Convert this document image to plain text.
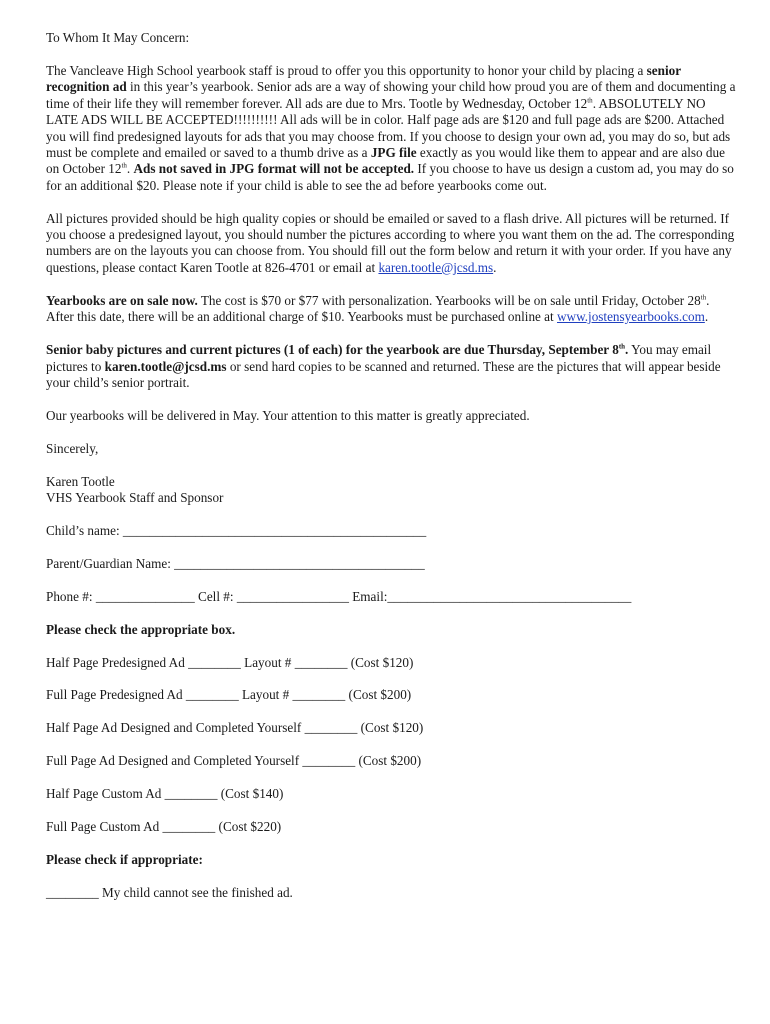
To Whom It May Concern:

The Vancleave High School yearbook staff is proud to offer you this opportunity to honor your child by placing a senior recognition ad in this year’s yearbook. Senior ads are a way of showing your child how proud you are of them and documenting a time of their life they will remember forever. All ads are due to Mrs. Tootle by Wednesday, October 12th. ABSOLUTELY NO LATE ADS WILL BE ACCEPTED!!!!!!!!!! All ads will be in color. Half page ads are $120 and full page ads are $200. Attached you will find predesigned layouts for ads that you may choose from. If you choose to design your own ad, you may do so, but ads must be complete and emailed or saved to a thumb drive as a JPG file exactly as you would like them to appear and are also due on October 12th. Ads not saved in JPG format will not be accepted. If you choose to have us design a custom ad, you may do so for an additional $20. Please note if your child is able to see the ad before yearbooks come out.

All pictures provided should be high quality copies or should be emailed or saved to a flash drive. All pictures will be returned. If you choose a predesigned layout, you should number the pictures according to where you want them on the ad. The corresponding numbers are on the layouts you can choose from. You should fill out the form below and return it with your order. If you have any questions, please contact Karen Tootle at 826-4701 or email at karen.tootle@jcsd.ms.

Yearbooks are on sale now. The cost is $70 or $77 with personalization. Yearbooks will be on sale until Friday, October 28th. After this date, there will be an additional charge of $10. Yearbooks must be purchased online at www.jostensyearbooks.com.

Senior baby pictures and current pictures (1 of each) for the yearbook are due Thursday, September 8th. You may email pictures to karen.tootle@jcsd.ms or send hard copies to be scanned and returned. These are the pictures that will appear beside your child’s senior portrait.

Our yearbooks will be delivered in May. Your attention to this matter is greatly appreciated.

Sincerely,

Karen Tootle

VHS Yearbook Staff and Sponsor

Child’s name: ______________________________________________
Parent/Guardian Name: ______________________________________
Phone #: _______________ Cell #: _________________ Email:_____________________________________
Please check the appropriate box.
Half Page Predesigned Ad ________ Layout # ________ (Cost $120)
Full Page Predesigned Ad ________ Layout # ________ (Cost $200)
Half Page Ad Designed and Completed Yourself ________ (Cost $120)
Full Page Ad Designed and Completed Yourself ________ (Cost $200)
Half Page Custom Ad ________ (Cost $140)
Full Page Custom Ad ________ (Cost $220)
Please check if appropriate:
________ My child cannot see the finished ad.
